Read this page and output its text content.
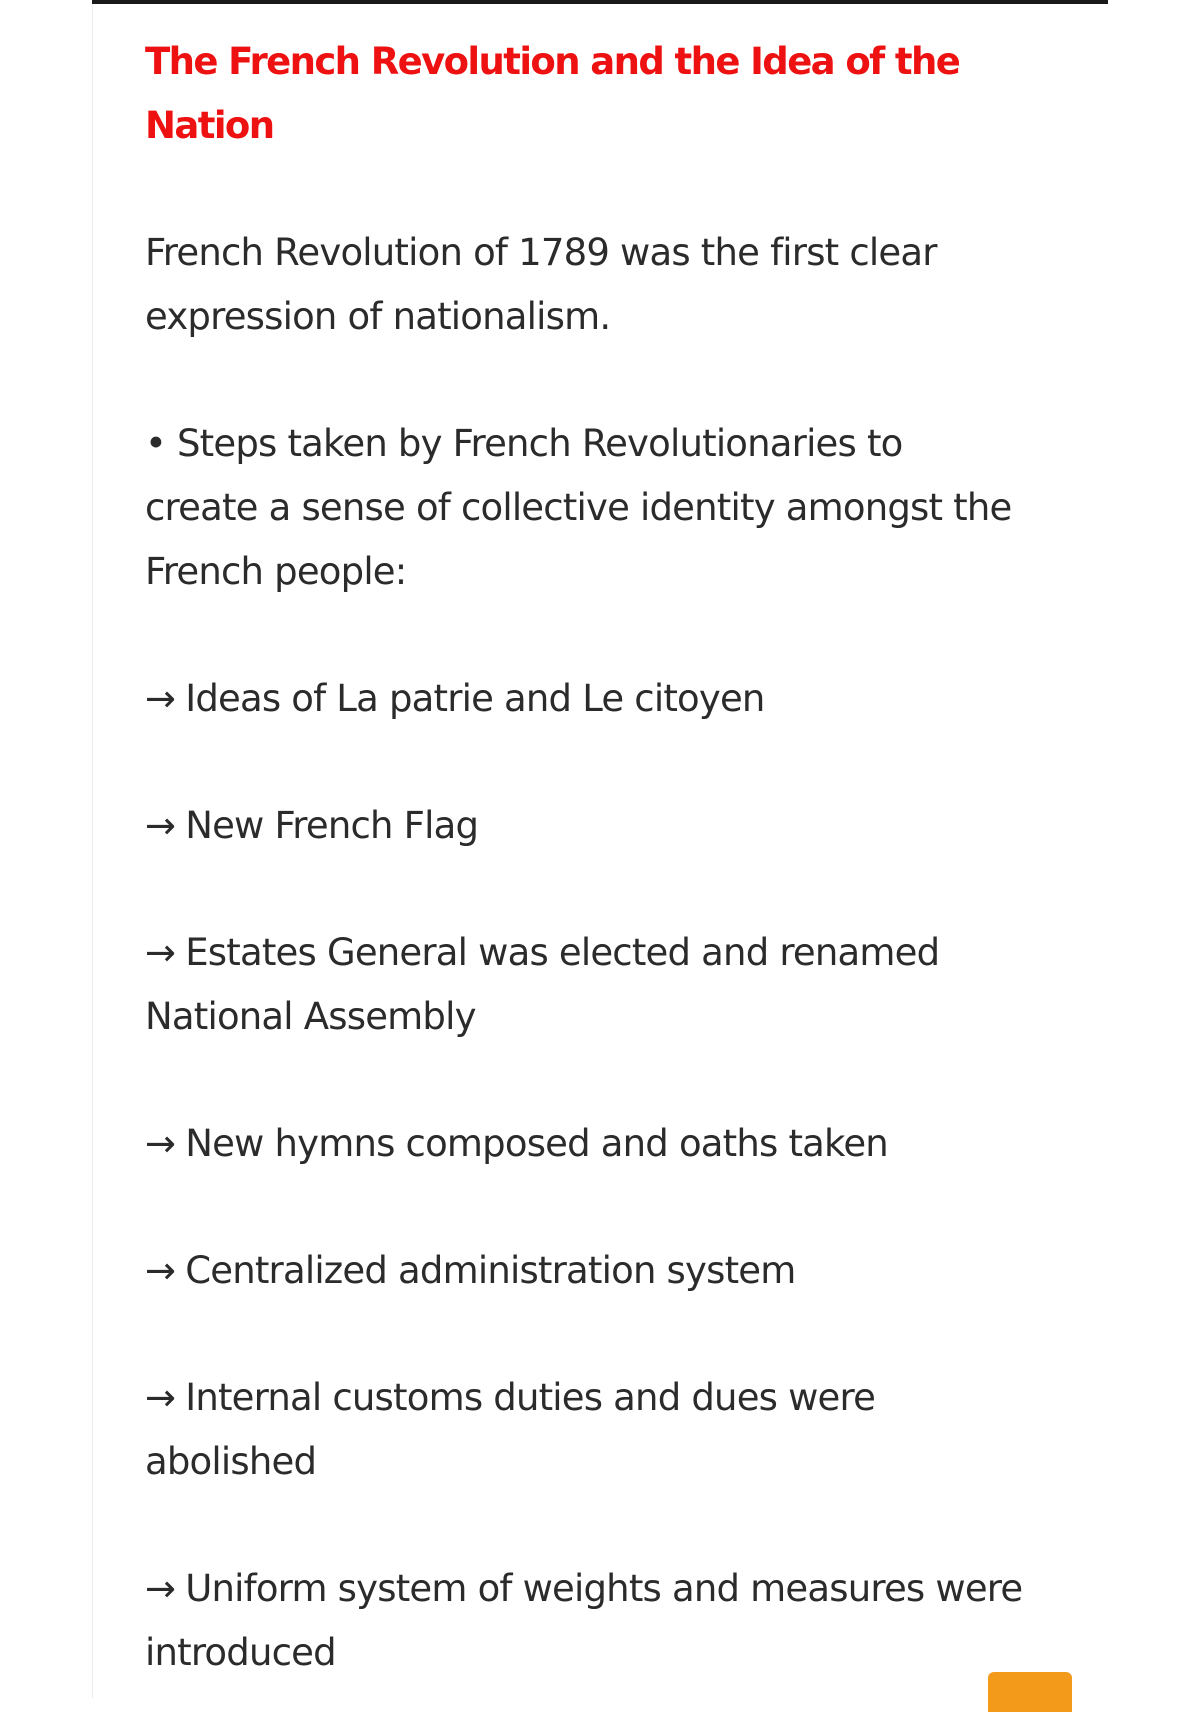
The French Revolution and the Idea of the Nation

French Revolution of 1789 was the first clear expression of nationalism.

• Steps taken by French Revolutionaries to create a sense of collective identity amongst the French people:

→ Ideas of La patrie and Le citoyen

→ New French Flag

→ Estates General was elected and renamed National Assembly

→ New hymns composed and oaths taken

→ Centralized administration system

→ Internal customs duties and dues were abolished

→ Uniform system of weights and measures were introduced
